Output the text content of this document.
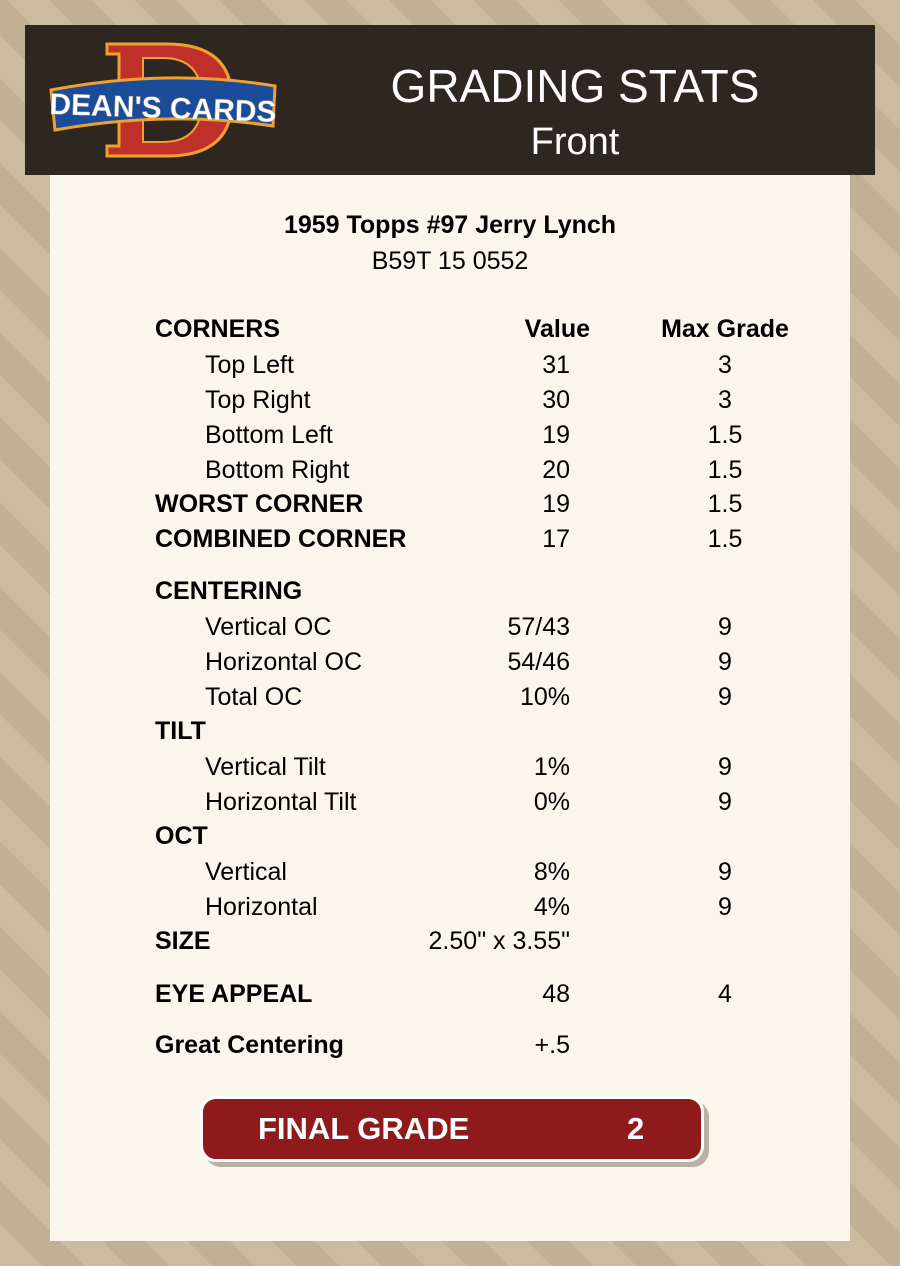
DEAN'S CARDS	GRADING STATS
Front
1959 Topps #97 Jerry Lynch
B59T 15 0552
CORNERS	Value	Max Grade
Top Left	31	3
Top Right	30	3
Bottom Left	19	1.5
Bottom Right	20	1.5
WORST CORNER	19	1.5
COMBINED CORNER	17	1.5
CENTERING
Vertical OC	57/43	9
Horizontal OC	54/46	9
Total OC	10%	9
TILT
Vertical Tilt	1%	9
Horizontal Tilt	0%	9
OCT
Vertical	8%	9
Horizontal	4%	9
SIZE	2.50" x 3.55"
EYE APPEAL	48	4
Great Centering	+.5
FINAL GRADE	2
